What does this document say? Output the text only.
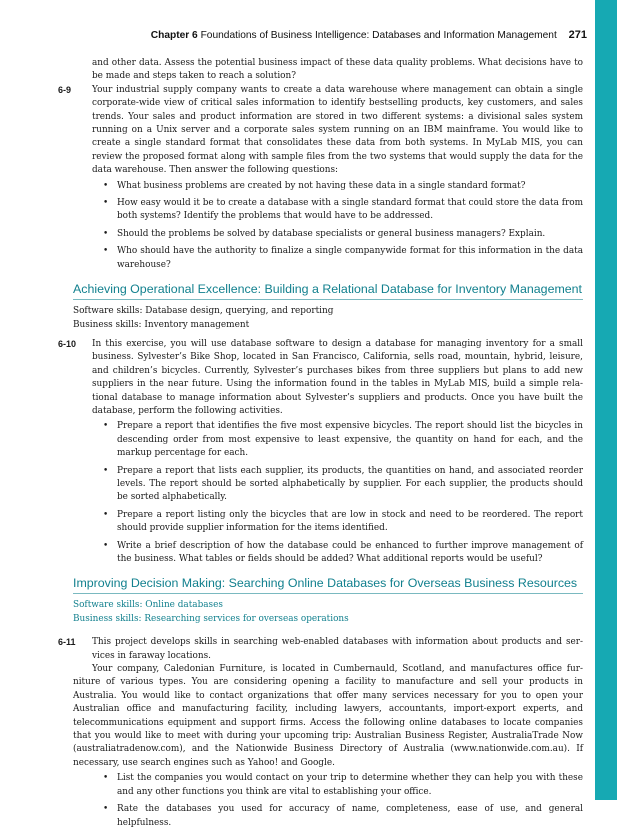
Chapter 6 Foundations of Business Intelligence: Databases and Information Management 271
and other data. Assess the potential business impact of these data quality problems. What decisions have to be made and steps taken to reach a solution?
6-9 Your industrial supply company wants to create a data warehouse where management can obtain a single corporate-wide view of critical sales information to identify bestselling products, key customers, and sales trends. Your sales and product information are stored in two different systems: a divisional sales system running on a Unix server and a corporate sales system running on an IBM mainframe. You would like to create a single standard format that consolidates these data from both systems. In MyLab MIS, you can review the proposed format along with sample files from the two systems that would supply the data for the data warehouse. Then answer the following questions:
• What business problems are created by not having these data in a single standard format?
• How easy would it be to create a database with a single standard format that could store the data from both systems? Identify the problems that would have to be addressed.
• Should the problems be solved by database specialists or general business managers? Explain.
• Who should have the authority to finalize a single companywide format for this information in the data warehouse?
Achieving Operational Excellence: Building a Relational Database for Inventory Management

Software skills: Database design, querying, and reporting

Business skills: Inventory management

6-10 In this exercise, you will use database software to design a database for managing inventory for a small business. Sylvester’s Bike Shop, located in San Francisco, California, sells road, mountain, hybrid, leisure, and children’s bicycles. Currently, Sylvester’s purchases bikes from three suppliers but plans to add new suppliers in the near future. Using the information found in the tables in MyLab MIS, build a simple rela-tional database to manage information about Sylvester’s suppliers and products. Once you have built the database, perform the following activities.
• Prepare a report that identifies the five most expensive bicycles. The report should list the bicycles in descending order from most expensive to least expensive, the quantity on hand for each, and the markup percentage for each.
• Prepare a report that lists each supplier, its products, the quantities on hand, and associated reorder levels. The report should be sorted alphabetically by supplier. For each supplier, the products should be sorted alphabetically.
• Prepare a report listing only the bicycles that are low in stock and need to be reordered. The report should provide supplier information for the items identified.
• Write a brief description of how the database could be enhanced to further improve management of the business. What tables or fields should be added? What additional reports would be useful?
Improving Decision Making: Searching Online Databases for Overseas Business Resources

Software skills: Online databases

Business skills: Researching services for overseas operations

6-11 This project develops skills in searching web-enabled databases with information about products and ser-vices in faraway locations.

Your company, Caledonian Furniture, is located in Cumbernauld, Scotland, and manufactures office fur-niture of various types. You are considering opening a facility to manufacture and sell your products in Australia. You would like to contact organizations that offer many services necessary for you to open your Australian office and manufacturing facility, including lawyers, accountants, import-export experts, and telecommunications equipment and support firms. Access the following online databases to locate companies that you would like to meet with during your upcoming trip: Australian Business Register, AustraliaTrade Now (australiatradenow.com), and the Nationwide Business Directory of Australia (www.nationwide.com.au). If necessary, use search engines such as Yahoo! and Google.

• List the companies you would contact on your trip to determine whether they can help you with these and any other functions you think are vital to establishing your office.
• Rate the databases you used for accuracy of name, completeness, ease of use, and general helpfulness.
